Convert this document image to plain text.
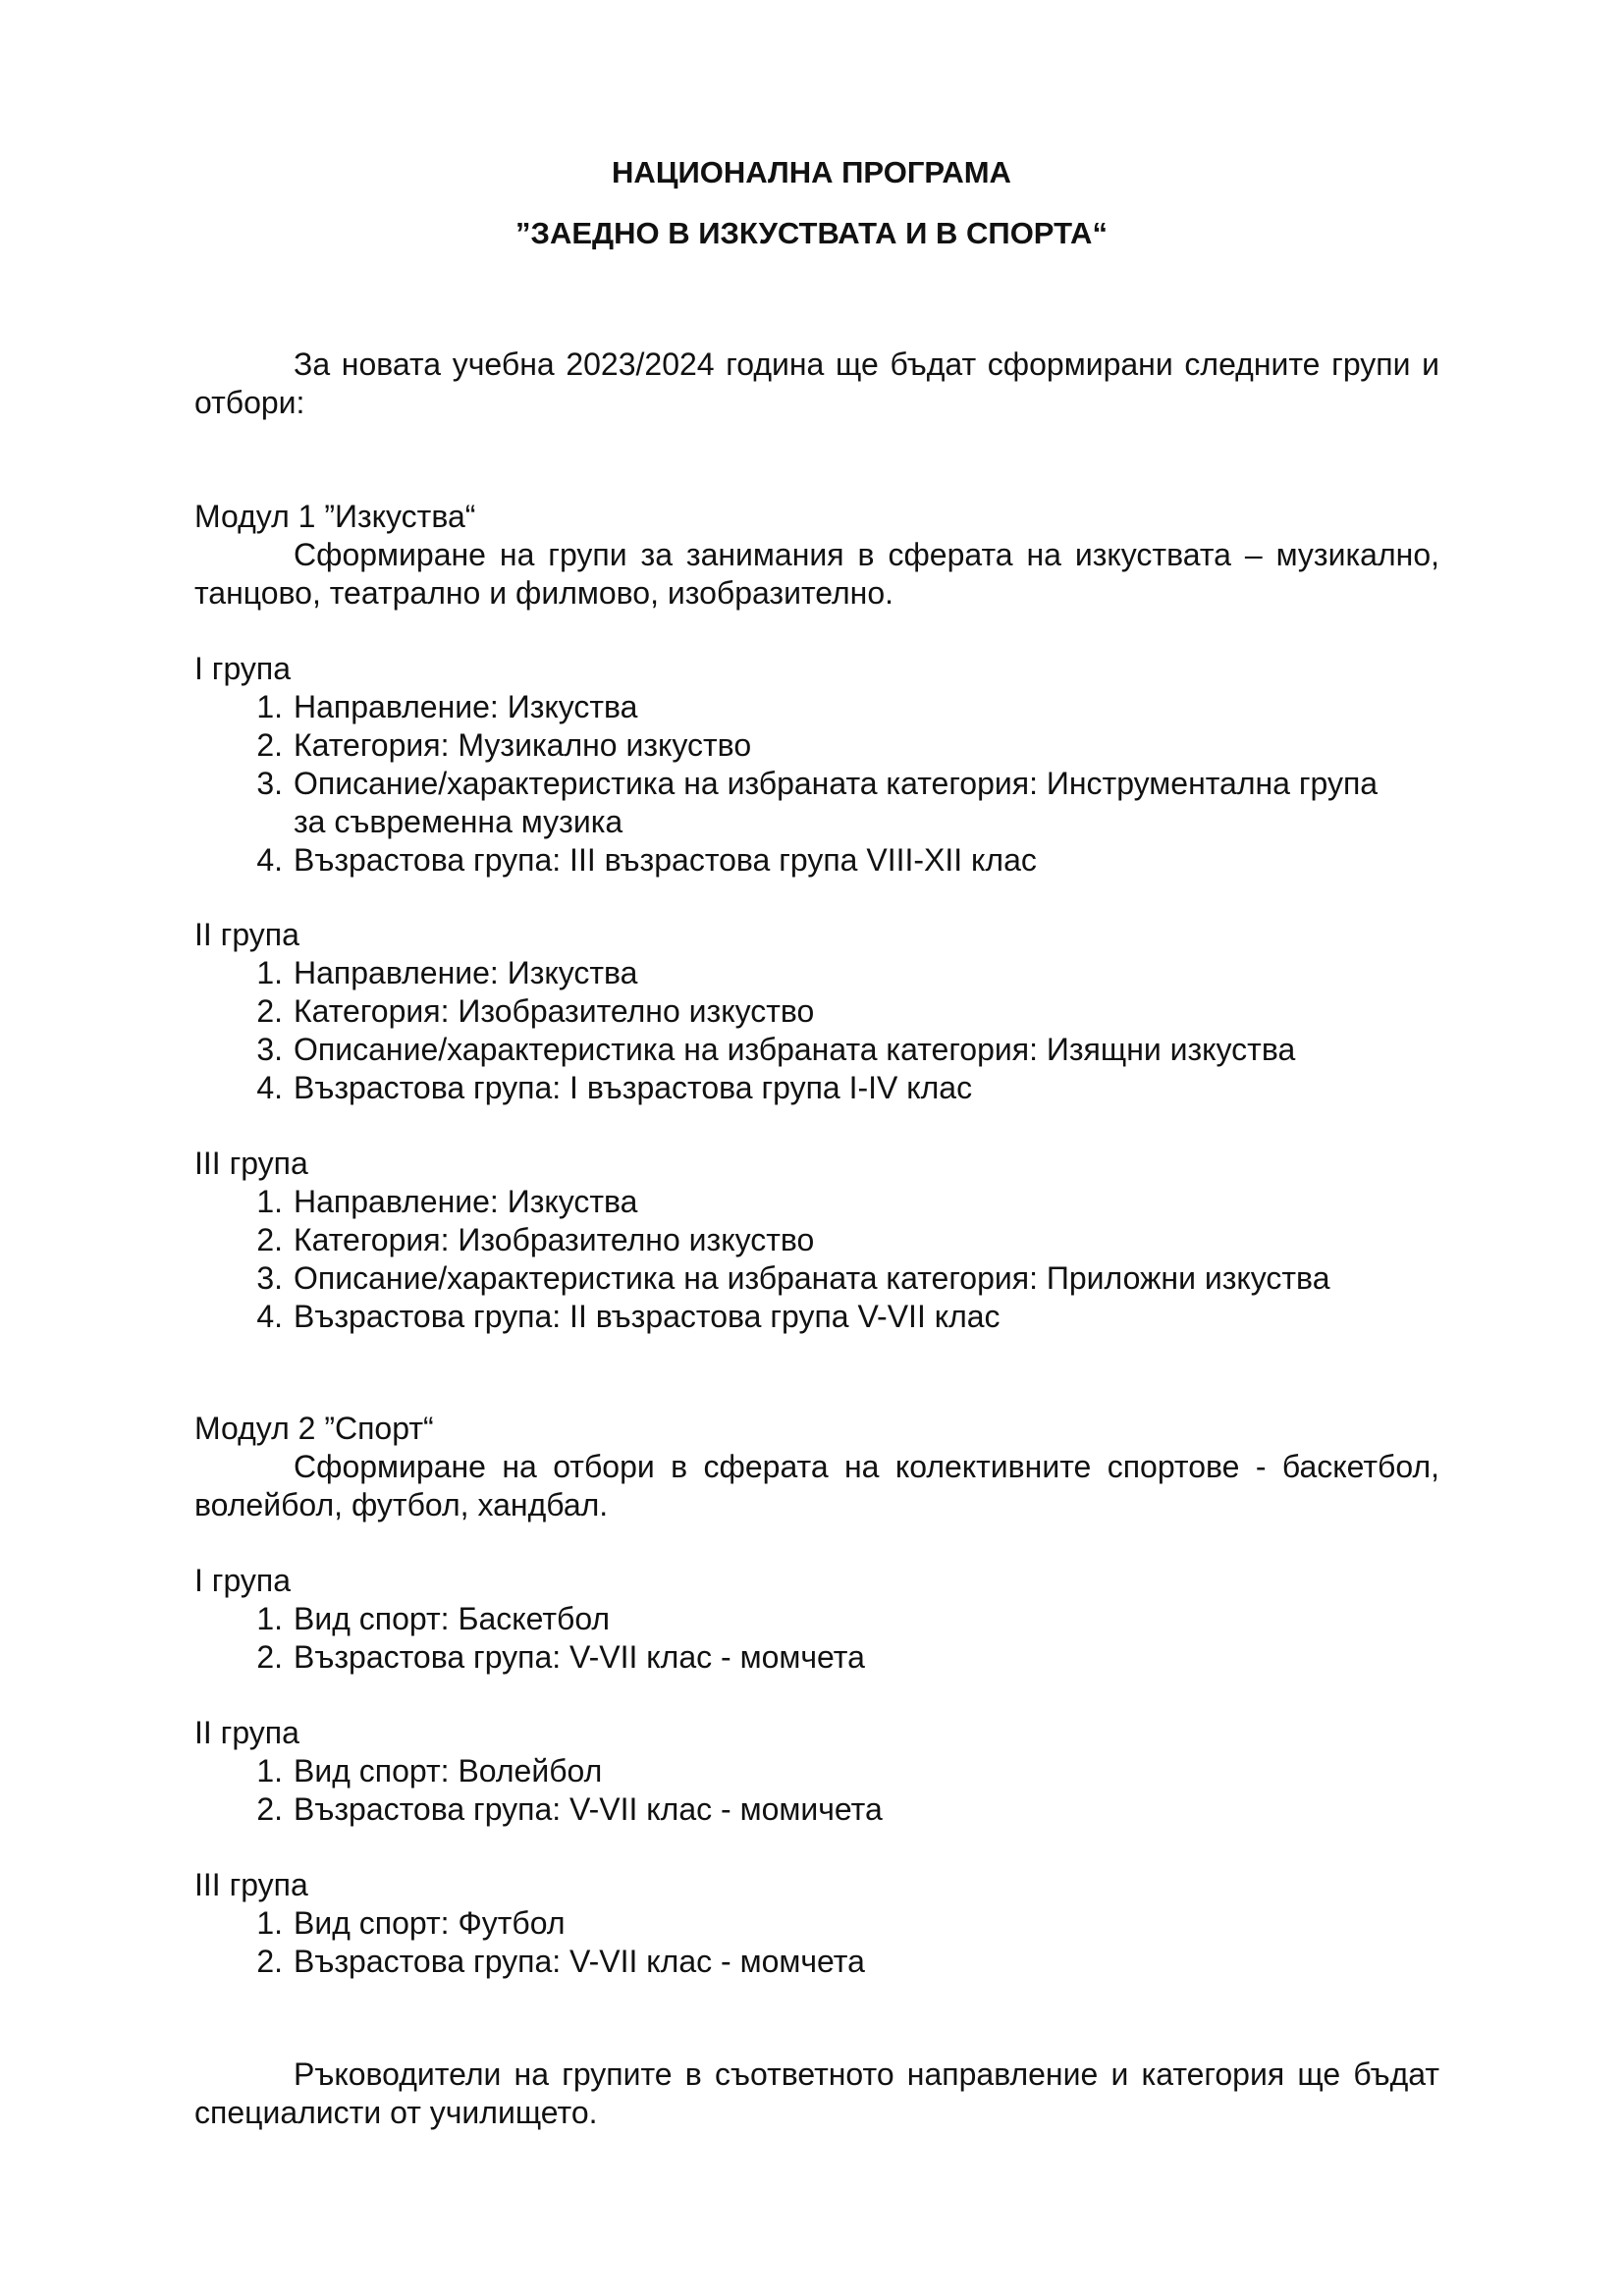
НАЦИОНАЛНА ПРОГРАМА
”ЗАЕДНО В ИЗКУСТВАТА И В СПОРТА“

За новата учебна 2023/2024 година ще бъдат сформирани следните групи и отбори:

Модул 1 ”Изкуства“

Сформиране на групи за занимания в сферата на изкуствата – музикално, танцово, театрално и филмово, изобразително.

I група

1. Направление: Изкуства
2. Категория: Музикално изкуство
3. Описание/характеристика на избраната категория: Инструментална група за съвременна музика
4. Възрастова група: III възрастова група VIII-XII клас

II група

1. Направление: Изкуства
2. Категория: Изобразително изкуство
3. Описание/характеристика на избраната категория: Изящни изкуства
4. Възрастова група: I възрастова група I-IV клас

III група

1. Направление: Изкуства
2. Категория: Изобразително изкуство
3. Описание/характеристика на избраната категория: Приложни изкуства
4. Възрастова група: II възрастова група V-VII клас

Модул 2 ”Спорт“

Сформиране на отбори в сферата на колективните спортове - баскетбол, волейбол, футбол, хандбал.

I група

1. Вид спорт: Баскетбол
2. Възрастова група: V-VII клас - момчета

II група

1. Вид спорт: Волейбол
2. Възрастова група: V-VII клас - момичета

III група

1. Вид спорт: Футбол
2. Възрастова група: V-VII клас - момчета

Ръководители на групите в съответното направление и категория ще бъдат специалисти от училището.
